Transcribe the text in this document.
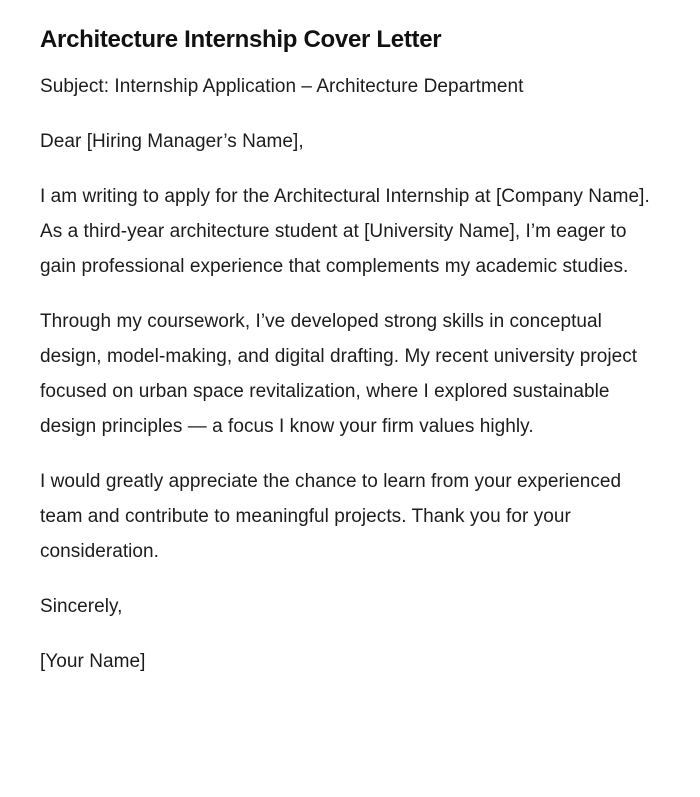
Architecture Internship Cover Letter

Subject: Internship Application – Architecture Department

Dear [Hiring Manager’s Name],

I am writing to apply for the Architectural Internship at [Company Name]. As a third-year architecture student at [University Name], I’m eager to gain professional experience that complements my academic studies.

Through my coursework, I’ve developed strong skills in conceptual design, model-making, and digital drafting. My recent university project focused on urban space revitalization, where I explored sustainable design principles — a focus I know your firm values highly.

I would greatly appreciate the chance to learn from your experienced team and contribute to meaningful projects. Thank you for your consideration.

Sincerely,

[Your Name]
